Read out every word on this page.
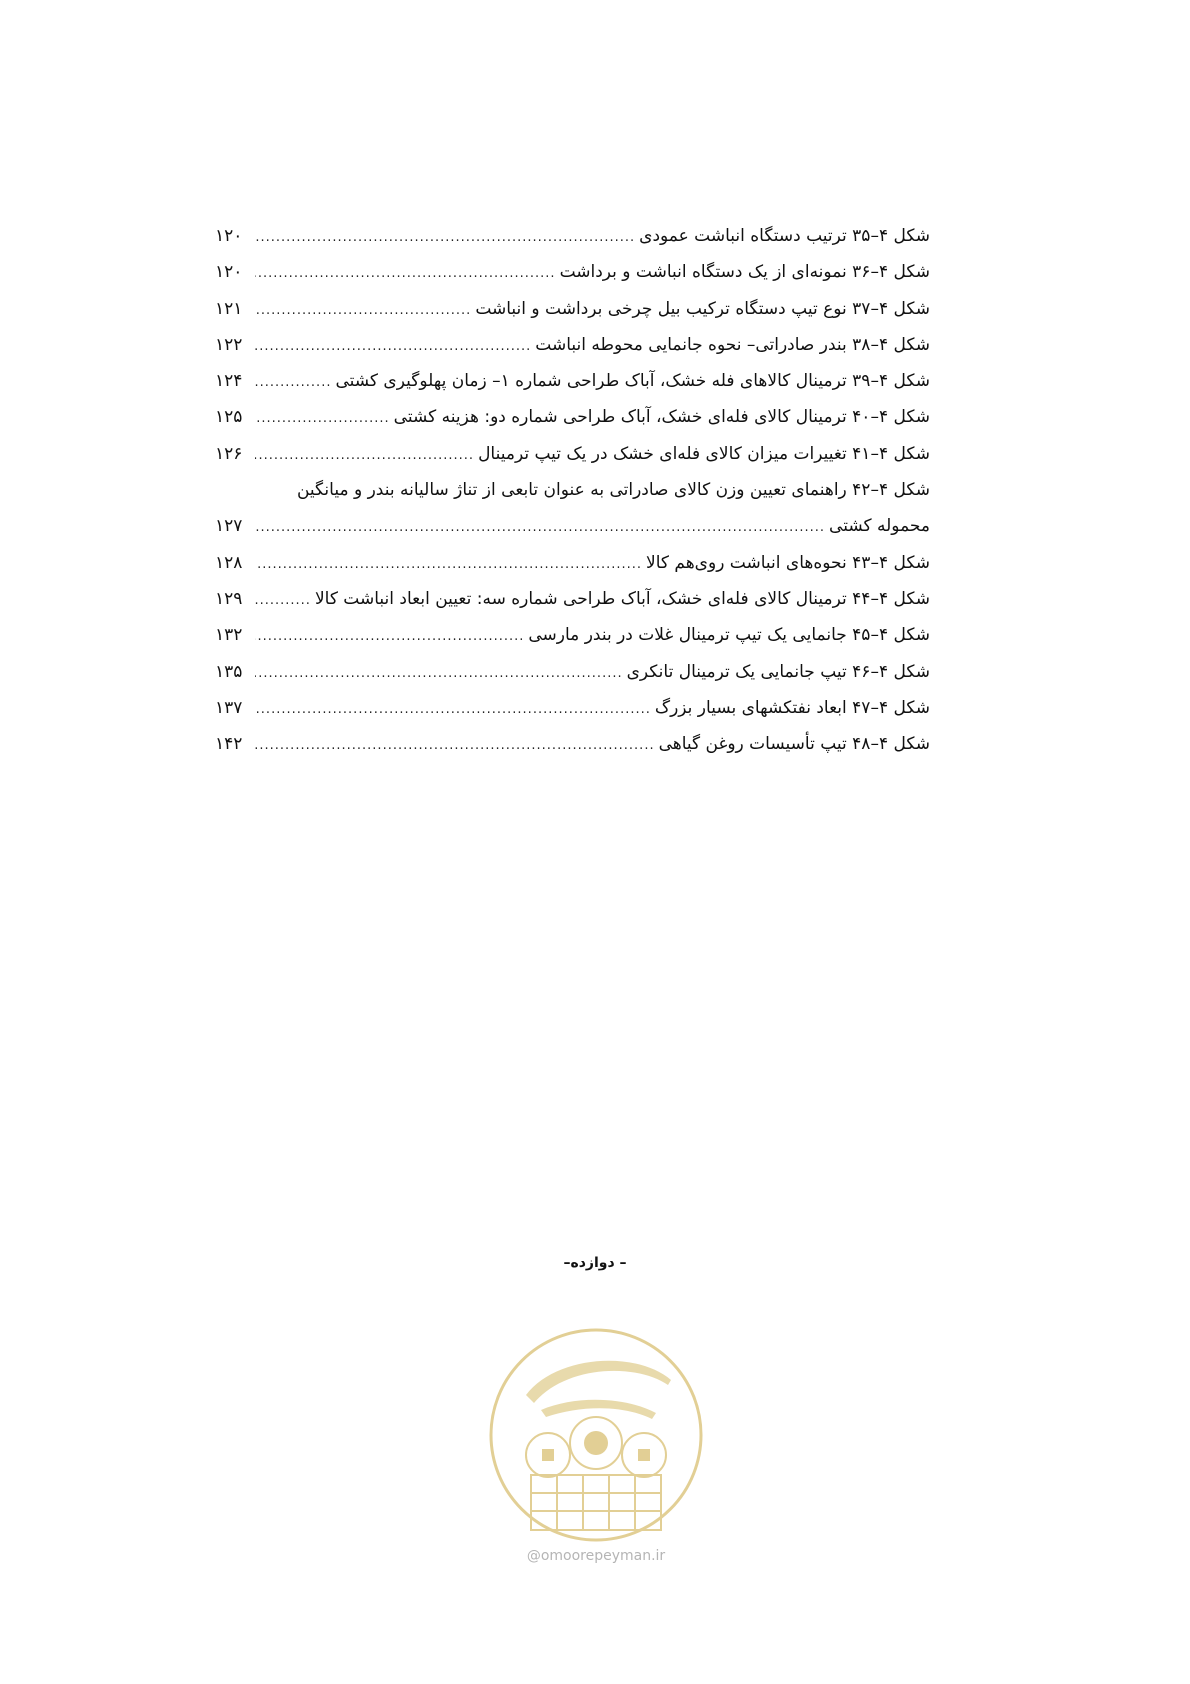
شکل ۴–۳۵ ترتیب دستگاه انباشت عمودی
.....
۱۲۰
شکل ۴–۳۶ نمونه‌ای از یک دستگاه انباشت و برداشت
.....
۱۲۰
شکل ۴–۳۷ نوع تیپ دستگاه ترکیب بیل چرخی برداشت و انباشت
.....
۱۲۱
شکل ۴–۳۸ بندر صادراتی– نحوه جانمایی محوطه انباشت
.....
۱۲۲
شکل ۴–۳۹ ترمینال کالاهای فله خشک، آباک طراحی شماره ۱– زمان پهلوگیری کشتی
.....
۱۲۴
شکل ۴–۴۰ ترمینال کالای فله‌ای خشک، آباک طراحی شماره دو: هزینه کشتی
.....
۱۲۵
شکل ۴–۴۱ تغییرات میزان کالای فله‌ای خشک در یک تیپ ترمینال
.....
۱۲۶
شکل ۴–۴۲ راهنمای تعیین وزن کالای صادراتی به عنوان تابعی از تناژ سالیانه بندر و میانگین
محموله کشتی
.....
۱۲۷
شکل ۴–۴۳ نحوه‌های انباشت روی‌هم کالا
.....
۱۲۸
شکل ۴–۴۴ ترمینال کالای فله‌ای خشک، آباک طراحی شماره سه: تعیین ابعاد انباشت کالا
.....
۱۲۹
شکل ۴–۴۵ جانمایی یک تیپ ترمینال غلات در بندر مارسی
.....
۱۳۲
شکل ۴–۴۶ تیپ جانمایی یک ترمینال تانکری
.....
۱۳۵
شکل ۴–۴۷ ابعاد نفتکشهای بسیار بزرگ
.....
۱۳۷
شکل ۴–۴۸ تیپ تأسیسات روغن گیاهی
.....
۱۴۲
– دوازده–
@omoorepeyman.ir
